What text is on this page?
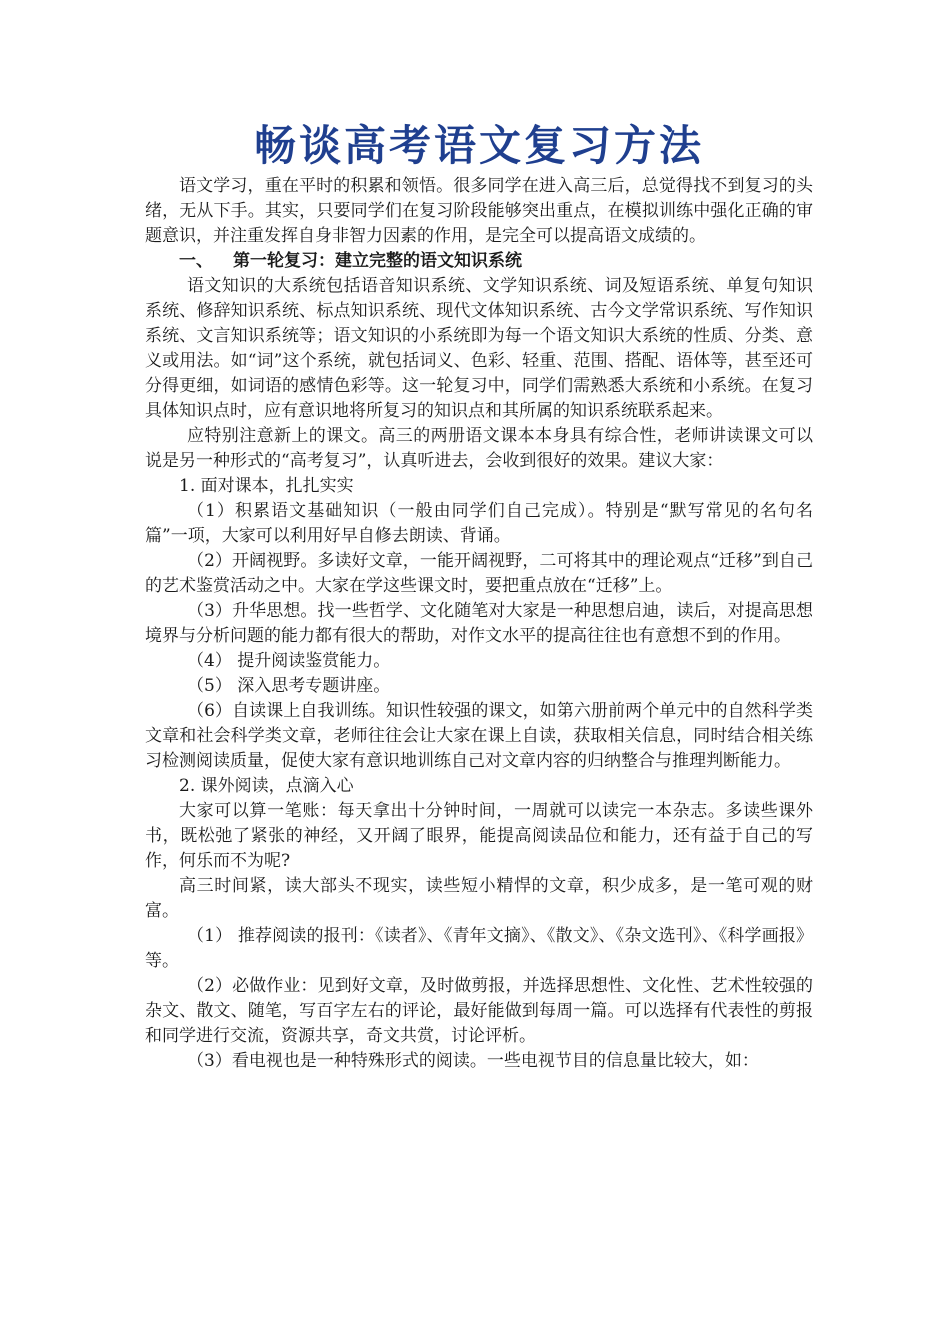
畅谈高考语文复习方法

语文学习，重在平时的积累和领悟。很多同学在进入高三后，总觉得找不到复习的头绪，无从下手。其实，只要同学们在复习阶段能够突出重点，在模拟训练中强化正确的审题意识，并注重发挥自身非智力因素的作用，是完全可以提高语文成绩的。

一、 第一轮复习：建立完整的语文知识系统

语文知识的大系统包括语音知识系统、文学知识系统、词及短语系统、单复句知识系统、修辞知识系统、标点知识系统、现代文体知识系统、古今文学常识系统、写作知识系统、文言知识系统等；语文知识的小系统即为每一个语文知识大系统的性质、分类、意义或用法。如“词”这个系统，就包括词义、色彩、轻重、范围、搭配、语体等，甚至还可分得更细，如词语的感情色彩等。这一轮复习中，同学们需熟悉大系统和小系统。在复习具体知识点时，应有意识地将所复习的知识点和其所属的知识系统联系起来。

应特别注意新上的课文。高三的两册语文课本本身具有综合性，老师讲读课文可以说是另一种形式的“高考复习”，认真听进去，会收到很好的效果。建议大家：

1. 面对课本，扎扎实实

（1）积累语文基础知识（一般由同学们自己完成）。特别是“默写常见的名句名篇”一项，大家可以利用好早自修去朗读、背诵。

（2）开阔视野。多读好文章，一能开阔视野，二可将其中的理论观点“迁移”到自己的艺术鉴赏活动之中。大家在学这些课文时，要把重点放在“迁移”上。

（3）升华思想。找一些哲学、文化随笔对大家是一种思想启迪，读后，对提高思想境界与分析问题的能力都有很大的帮助，对作文水平的提高往往也有意想不到的作用。

（4） 提升阅读鉴赏能力。

（5） 深入思考专题讲座。

（6）自读课上自我训练。知识性较强的课文，如第六册前两个单元中的自然科学类文章和社会科学类文章，老师往往会让大家在课上自读，获取相关信息，同时结合相关练习检测阅读质量，促使大家有意识地训练自己对文章内容的归纳整合与推理判断能力。

2. 课外阅读，点滴入心

大家可以算一笔账：每天拿出十分钟时间，一周就可以读完一本杂志。多读些课外书，既松弛了紧张的神经，又开阔了眼界，能提高阅读品位和能力，还有益于自己的写作，何乐而不为呢?

高三时间紧，读大部头不现实，读些短小精悍的文章，积少成多，是一笔可观的财富。

（1） 推荐阅读的报刊：《读者》、《青年文摘》、《散文》、《杂文选刊》、《科学画报》等。

（2）必做作业：见到好文章，及时做剪报，并选择思想性、文化性、艺术性较强的杂文、散文、随笔，写百字左右的评论，最好能做到每周一篇。可以选择有代表性的剪报和同学进行交流，资源共享，奇文共赏，讨论评析。

（3）看电视也是一种特殊形式的阅读。一些电视节目的信息量比较大，如：
